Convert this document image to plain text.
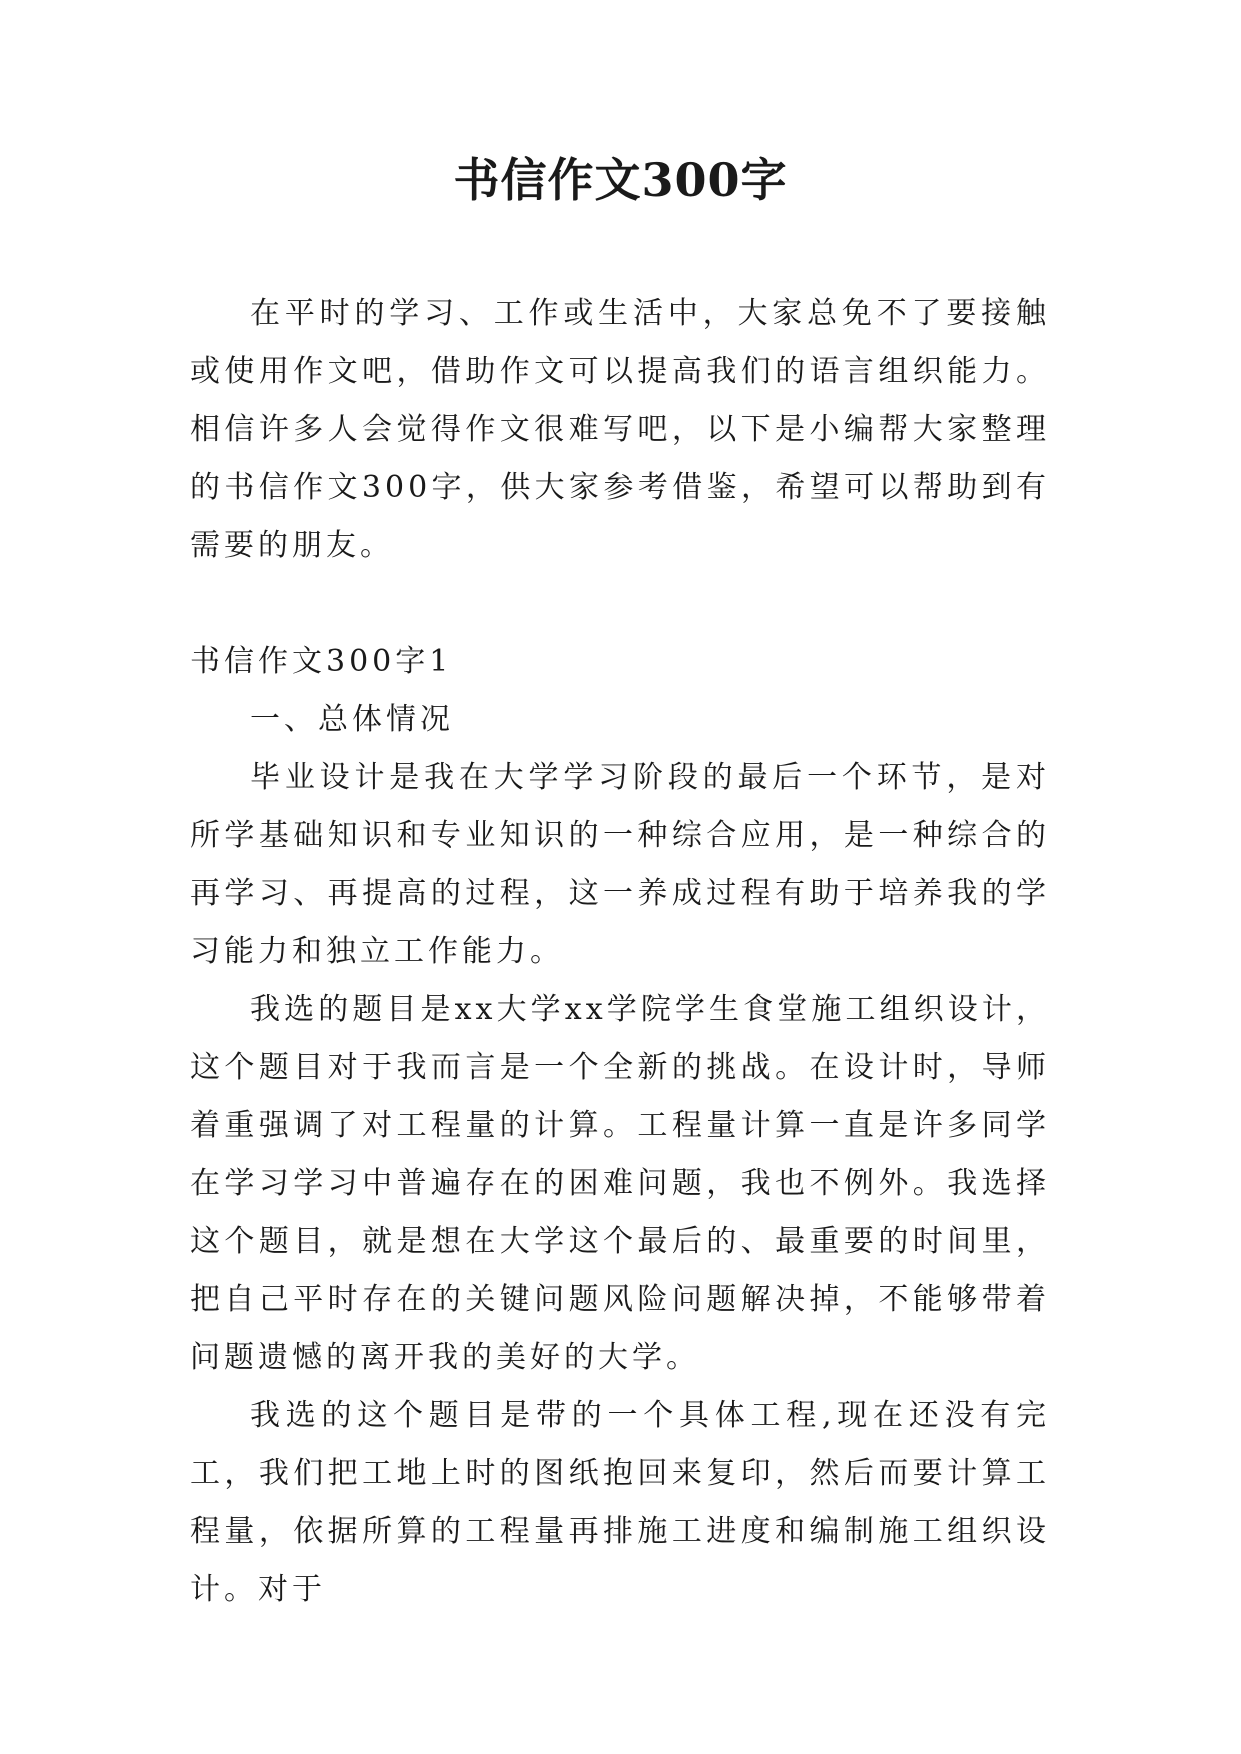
书信作文300字

在平时的学习、工作或生活中，大家总免不了要接触或使用作文吧，借助作文可以提高我们的语言组织能力。相信许多人会觉得作文很难写吧，以下是小编帮大家整理的书信作文300字，供大家参考借鉴，希望可以帮助到有需要的朋友。

书信作文300字1

一、总体情况

毕业设计是我在大学学习阶段的最后一个环节，是对所学基础知识和专业知识的一种综合应用，是一种综合的再学习、再提高的过程，这一养成过程有助于培养我的学习能力和独立工作能力。

我选的题目是xx大学xx学院学生食堂施工组织设计，这个题目对于我而言是一个全新的挑战。在设计时，导师着重强调了对工程量的计算。工程量计算一直是许多同学在学习学习中普遍存在的困难问题，我也不例外。我选择这个题目，就是想在大学这个最后的、最重要的时间里，把自己平时存在的关键问题风险问题解决掉，不能够带着问题遗憾的离开我的美好的大学。

我选的这个题目是带的一个具体工程,现在还没有完工，我们把工地上时的图纸抱回来复印，然后而要计算工程量，依据所算的工程量再排施工进度和编制施工组织设计。对于
